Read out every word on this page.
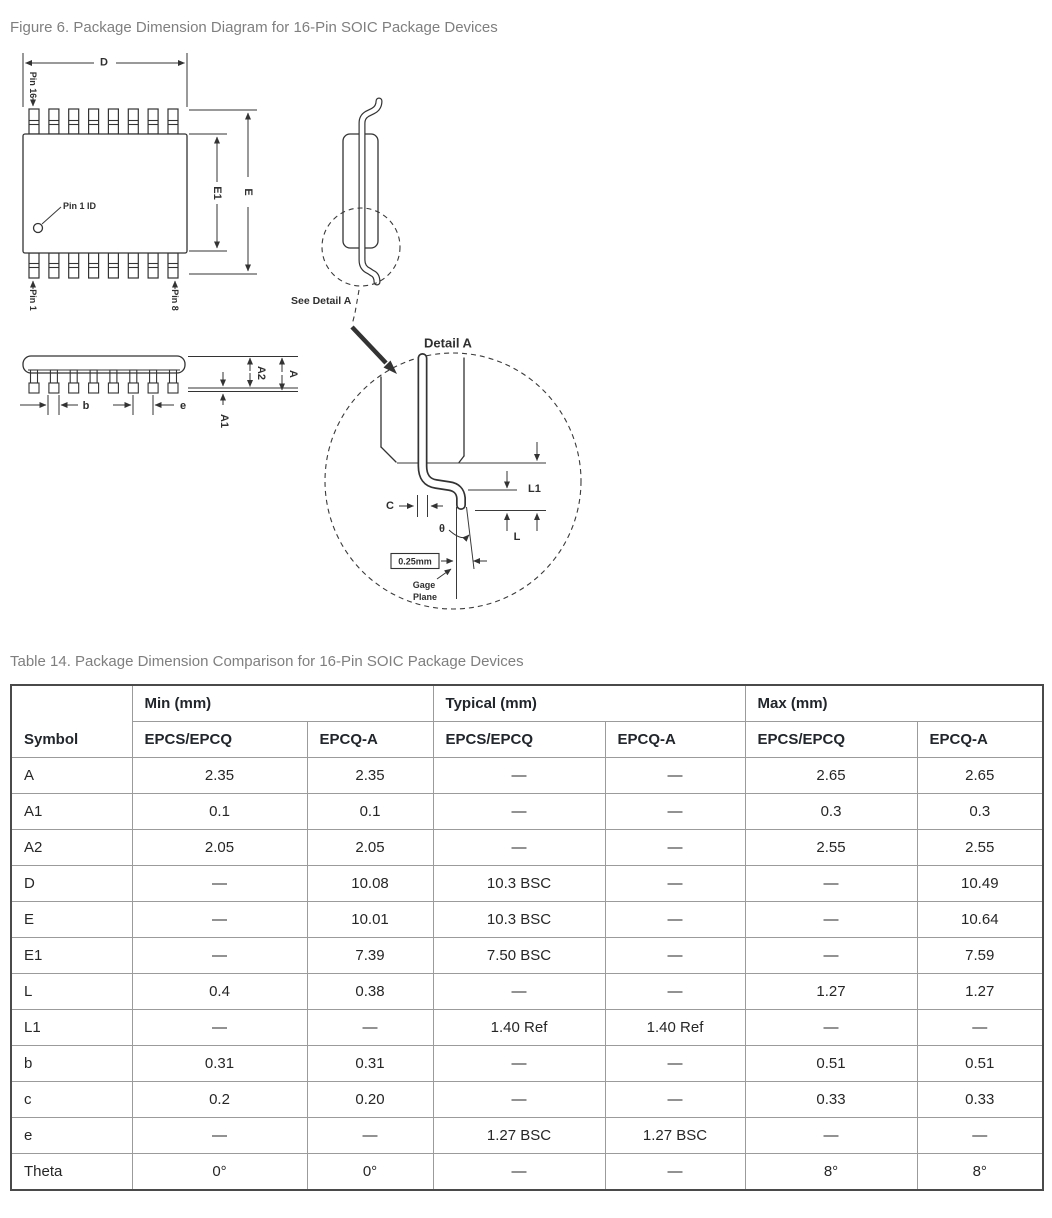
Figure 6. Package Dimension Diagram for 16-Pin SOIC Package Devices

Pin 1 ID
D
Pin 16
E1 E
Pin 1	Pin 8
A2 A
A1
b	e
See Detail A
Detail A
C
θ
L1
L
0.25mm
Gage
Plane

Table 14. Package Dimension Comparison for 16-Pin SOIC Package Devices

Symbol	Min (mm)		Typical (mm)		Max (mm)	
	EPCS/EPCQ	EPCQ-A	EPCS/EPCQ	EPCQ-A	EPCS/EPCQ	EPCQ-A
A	2.35	2.35	—	—	2.65	2.65
A1	0.1	0.1	—	—	0.3	0.3
A2	2.05	2.05	—	—	2.55	2.55
D	—	10.08	10.3 BSC	—	—	10.49
E	—	10.01	10.3 BSC	—	—	10.64
E1	—	7.39	7.50 BSC	—	—	7.59
L	0.4	0.38	—	—	1.27	1.27
L1	—	—	1.40 Ref	1.40 Ref	—	—
b	0.31	0.31	—	—	0.51	0.51
c	0.2	0.20	—	—	0.33	0.33
e	—	—	1.27 BSC	1.27 BSC	—	—
Theta	0°	0°	—	—	8°	8°
